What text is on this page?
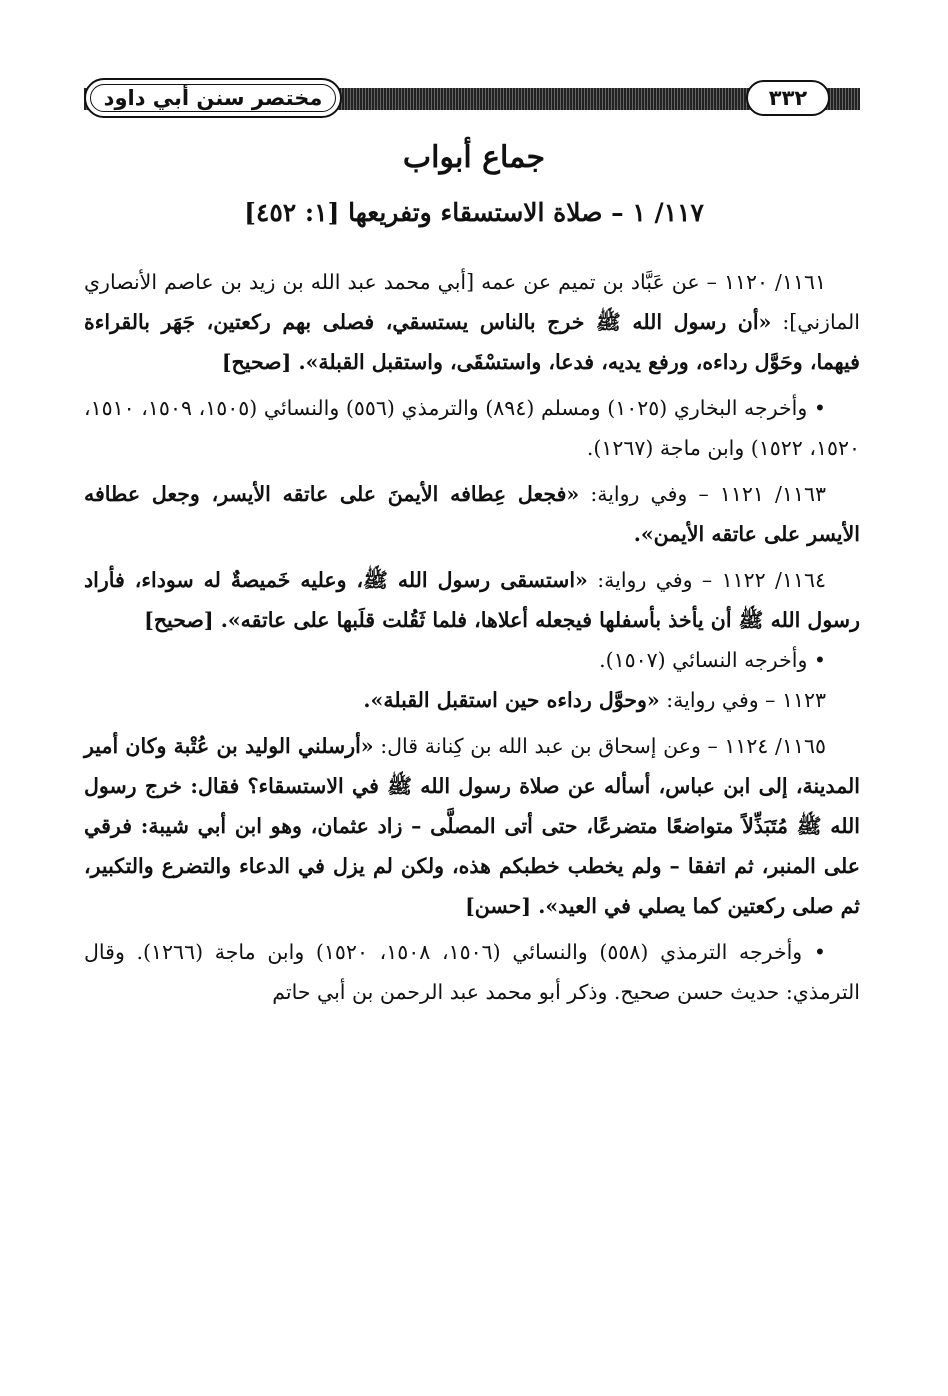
مختصر سنن أبي داود	٣٣٢
جماع أبواب
١١٧/ ١ – صلاة الاستسقاء وتفريعها [١: ٤٥٢]

١١٦١/ ١١٢٠ – عن عَبَّاد بن تميم عن عمه [أبي محمد عبد الله بن زيد بن عاصم الأنصاري المازني]: «أن رسول الله ﷺ خرج بالناس يستسقي، فصلى بهم ركعتين، جَهَر بالقراءة فيهما، وحَوَّل رداءه، ورفع يديه، فدعا، واستسْقَى، واستقبل القبلة». [صحيح]

• وأخرجه البخاري (١٠٢٥) ومسلم (٨٩٤) والترمذي (٥٥٦) والنسائي (١٥٠٥، ١٥٠٩، ١٥١٠، ١٥٢٠، ١٥٢٢) وابن ماجة (١٢٦٧).

١١٦٣/ ١١٢١ – وفي رواية: «فجعل عِطافه الأيمنَ على عاتقه الأيسر، وجعل عطافه الأيسر على عاتقه الأيمن».

١١٦٤/ ١١٢٢ – وفي رواية: «استسقى رسول الله ﷺ، وعليه خَميصةٌ له سوداء، فأراد رسول الله ﷺ أن يأخذ بأسفلها فيجعله أعلاها، فلما ثَقُلت قلَبها على عاتقه». [صحيح]

• وأخرجه النسائي (١٥٠٧).

١١٢٣ – وفي رواية: «وحوَّل رداءه حين استقبل القبلة».

١١٦٥/ ١١٢٤ – وعن إسحاق بن عبد الله بن كِنانة قال: «أرسلني الوليد بن عُتْبة وكان أمير المدينة، إلى ابن عباس، أسأله عن صلاة رسول الله ﷺ في الاستسقاء؟ فقال: خرج رسول الله ﷺ مُتَبَذِّلاً متواضعًا متضرعًا، حتى أتى المصلَّى – زاد عثمان، وهو ابن أبي شيبة: فرقي على المنبر، ثم اتفقا – ولم يخطب خطبكم هذه، ولكن لم يزل في الدعاء والتضرع والتكبير، ثم صلى ركعتين كما يصلي في العيد». [حسن]

• وأخرجه الترمذي (٥٥٨) والنسائي (١٥٠٦، ١٥٠٨، ١٥٢٠) وابن ماجة (١٢٦٦). وقال الترمذي: حديث حسن صحيح. وذكر أبو محمد عبد الرحمن بن أبي حاتم
